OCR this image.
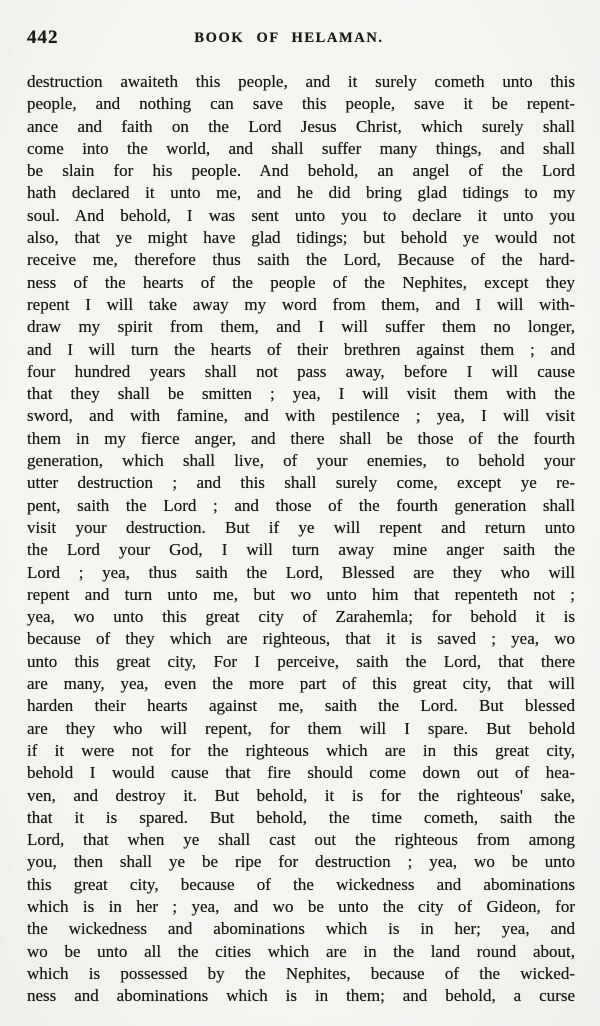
442	BOOK OF HELAMAN.
destruction awaiteth this people, and it surely cometh unto this
people, and nothing can save this people, save it be repent-
ance and faith on the Lord Jesus Christ, which surely shall
come into the world, and shall suffer many things, and shall
be slain for his people. And behold, an angel of the Lord
hath declared it unto me, and he did bring glad tidings to my
soul. And behold, I was sent unto you to declare it unto you
also, that ye might have glad tidings; but behold ye would not
receive me, therefore thus saith the Lord, Because of the hard-
ness of the hearts of the people of the Nephites, except they
repent I will take away my word from them, and I will with-
draw my spirit from them, and I will suffer them no longer,
and I will turn the hearts of their brethren against them ; and
four hundred years shall not pass away, before I will cause
that they shall be smitten ; yea, I will visit them with the
sword, and with famine, and with pestilence ; yea, I will visit
them in my fierce anger, and there shall be those of the fourth
generation, which shall live, of your enemies, to behold your
utter destruction ; and this shall surely come, except ye re-
pent, saith the Lord ; and those of the fourth generation shall
visit your destruction. But if ye will repent and return unto
the Lord your God, I will turn away mine anger saith the
Lord ; yea, thus saith the Lord, Blessed are they who will
repent and turn unto me, but wo unto him that repenteth not ;
yea, wo unto this great city of Zarahemla; for behold it is
because of they which are righteous, that it is saved ; yea, wo
unto this great city, For I perceive, saith the Lord, that there
are many, yea, even the more part of this great city, that will
harden their hearts against me, saith the Lord. But blessed
are they who will repent, for them will I spare. But behold
if it were not for the righteous which are in this great city,
behold I would cause that fire should come down out of hea-
ven, and destroy it. But behold, it is for the righteous' sake,
that it is spared. But behold, the time cometh, saith the
Lord, that when ye shall cast out the righteous from among
you, then shall ye be ripe for destruction ; yea, wo be unto
this great city, because of the wickedness and abominations
which is in her ; yea, and wo be unto the city of Gideon, for
the wickedness and abominations which is in her; yea, and
wo be unto all the cities which are in the land round about,
which is possessed by the Nephites, because of the wicked-
ness and abominations which is in them; and behold, a curse
